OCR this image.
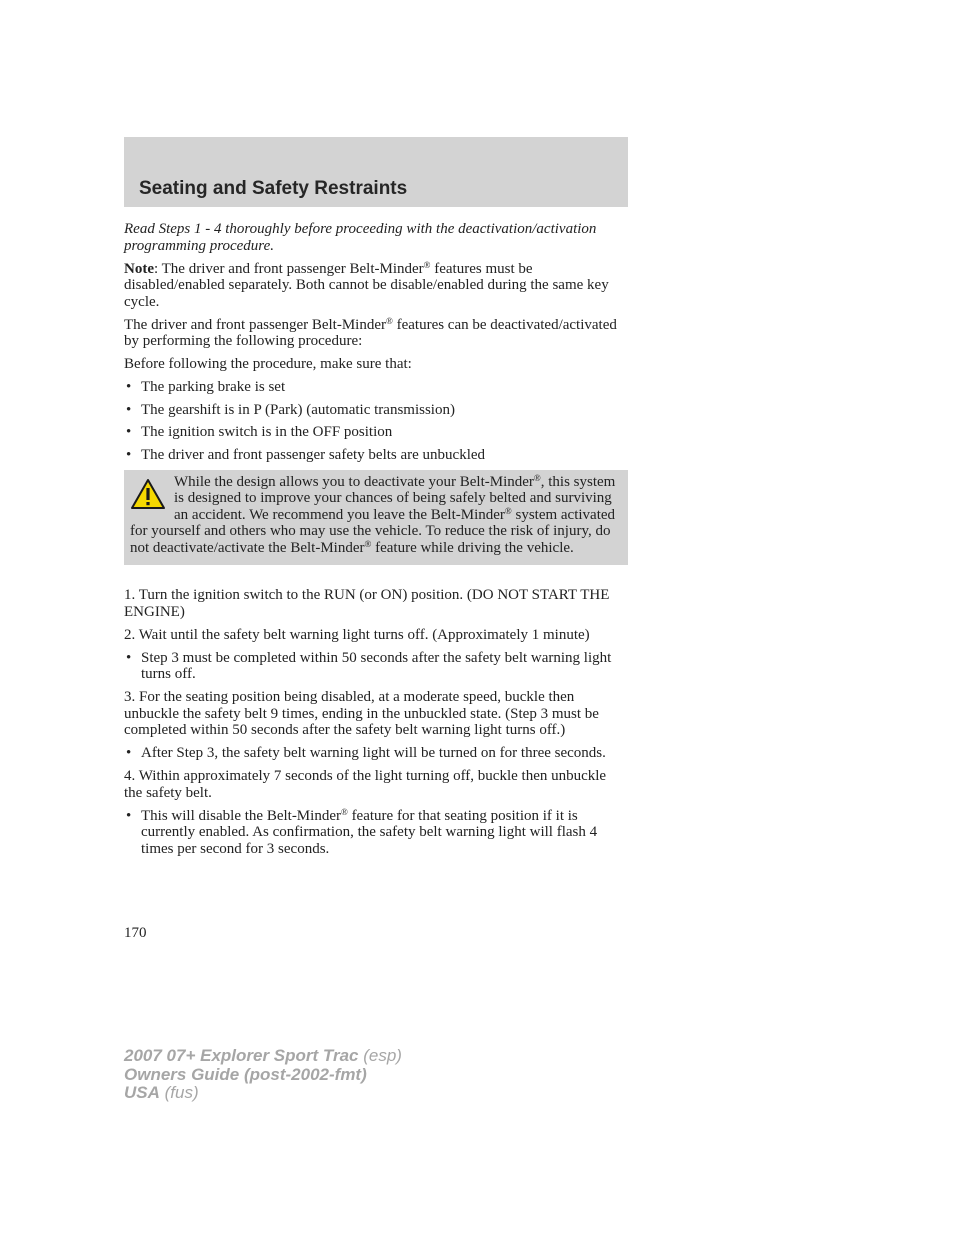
Seating and Safety Restraints

Read Steps 1 - 4 thoroughly before proceeding with the deactivation/activation programming procedure.

Note: The driver and front passenger Belt-Minder® features must be disabled/enabled separately. Both cannot be disable/enabled during the same key cycle.

The driver and front passenger Belt-Minder® features can be deactivated/activated by performing the following procedure:

Before following the procedure, make sure that:

• The parking brake is set
• The gearshift is in P (Park) (automatic transmission)
• The ignition switch is in the OFF position
• The driver and front passenger safety belts are unbuckled

While the design allows you to deactivate your Belt-Minder®, this system is designed to improve your chances of being safely belted and surviving an accident. We recommend you leave the Belt-Minder® system activated for yourself and others who may use the vehicle. To reduce the risk of injury, do not deactivate/activate the Belt-Minder® feature while driving the vehicle.

1. Turn the ignition switch to the RUN (or ON) position. (DO NOT START THE ENGINE)

2. Wait until the safety belt warning light turns off. (Approximately 1 minute)

• Step 3 must be completed within 50 seconds after the safety belt warning light turns off.

3. For the seating position being disabled, at a moderate speed, buckle then unbuckle the safety belt 9 times, ending in the unbuckled state. (Step 3 must be completed within 50 seconds after the safety belt warning light turns off.)

• After Step 3, the safety belt warning light will be turned on for three seconds.

4. Within approximately 7 seconds of the light turning off, buckle then unbuckle the safety belt.

• This will disable the Belt-Minder® feature for that seating position if it is currently enabled. As confirmation, the safety belt warning light will flash 4 times per second for 3 seconds.
170
2007 07+ Explorer Sport Trac (esp)
Owners Guide (post-2002-fmt)
USA (fus)
